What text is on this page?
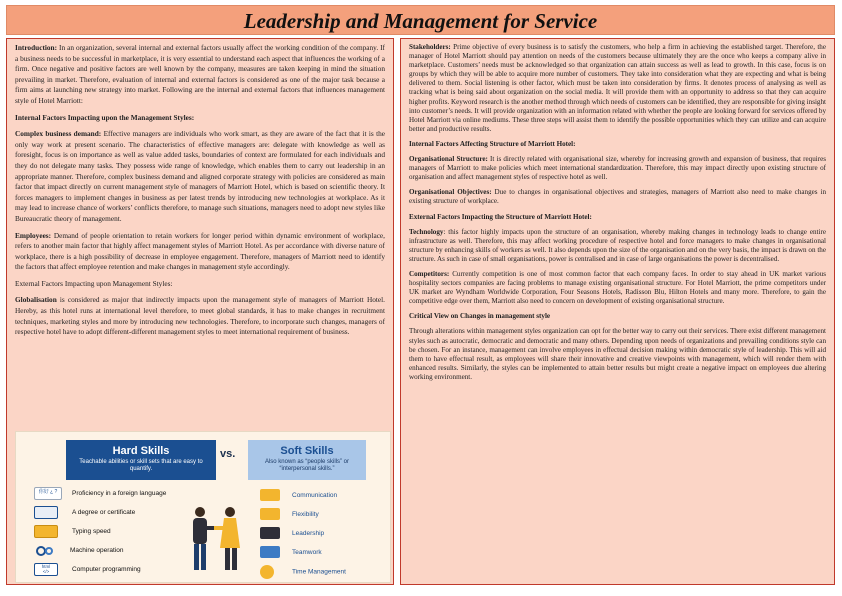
Leadership and Management for Service

Introduction: In an organization, several internal and external factors usually affect the working condition of the company. If a business needs to be successful in marketplace, it is very essential to understand each aspect that influences the working of a firm. Once negative and positive factors are well known by the company, measures are taken keeping in mind the situation prevailing in market. Therefore, evaluation of internal and external factors is considered as one of the major task because a firm aims at launching new strategy into market. Following are the internal and external factors that influences management style of Hotel Marriott:

Internal Factors Impacting upon the Management Styles:

Complex business demand: Effective managers are individuals who work smart, as they are aware of the fact that it is the only way work at present scenario. The characteristics of effective managers are: delegate with knowledge as well as foresight, focus is on importance as well as value added tasks, boundaries of context are formulated for each individuals and they do not delegate many tasks. They possess wide range of knowledge, which enables them to carry out leadership in an appropriate manner. Therefore, complex business demand and aligned corporate strategy with policies are considered as main factor that impact directly on current management style of managers of Marriott Hotel, which is based on scientific theory. It forces managers to implement changes in business as per latest trends by introducing new technologies at workplace. As it may lead to increase chance of workers’ conflicts therefore, to manage such situations, managers need to adopt new styles like Bureaucratic theory of management.

Employees: Demand of people orientation to retain workers for longer period within dynamic environment of workplace, refers to another main factor that highly affect management styles of Marriott Hotel. As per accordance with diverse nature of workplace, there is a high possibility of decrease in employee engagement. Therefore, managers of Marriott need to identify the factors that affect employee retention and make changes in management style accordingly.

External Factors Impacting upon Management Styles:

Globalisation is considered as major that indirectly impacts upon the management style of managers of Marriott Hotel. Hereby, as this hotel runs at international level therefore, to meet global standards, it has to make changes in recruitment techniques, marketing styles and more by introducing new technologies. Therefore, to incorporate such changes, managers of respective hotel have to adopt different-different management styles to meet international requirement of business.

Hard Skills
Teachable abilities or skill sets that are easy to quantify.
vs.	Soft Skills
Also known as “people skills” or “interpersonal skills.”
你好 ¿ ? Proficiency in a foreign language
A degree or certificate
Typing speed
Machine operation
html
</>	Computer programming
Communication
Flexibility
Leadership
Teamwork
Time Management

Stakeholders: Prime objective of every business is to satisfy the customers, who help a firm in achieving the established target. Therefore, the manager of Hotel Marriott should pay attention on needs of the customers because ultimately they are the once who keeps a company alive in marketplace. Customers’ needs must be acknowledged so that organization can attain success as well as lead to growth. In this case, focus is on groups by which they will be able to acquire more number of customers. They take into consideration what they are expecting and what is being delivered to them. Social listening is other factor, which must be taken into consideration by firms. It denotes process of analysing as well as tracking what is being said about organization on the social media. It will provide them with an opportunity to address so that they can acquire higher profits. Keyword research is the another method through which needs of customers can be identified, they are responsible for giving insight into customer’s needs. It will provide organization with an information related with whether the people are looking forward for services offered by Hotel Marriott via online mediums. These three steps will assist them to identify the possible opportunities which they can utilize and can acquire better and productive results.

Internal Factors Affecting Structure of Marriott Hotel:

Organisational Structure: It is directly related with organisational size, whereby for increasing growth and expansion of business, that requires managers of Marriott to make policies which meet international standardization. Therefore, this may impact directly upon existing structure of organisation and affect management styles of respective hotel as well.

Organisational Objectives: Due to changes in organisational objectives and strategies, managers of Marriott also need to make changes in existing structure of workplace.

External Factors Impacting the Structure of Marriott Hotel:

Technology: this factor highly impacts upon the structure of an organisation, whereby making changes in technology leads to change entire infrastructure as well. Therefore, this may affect working procedure of respective hotel and force managers to make changes in organisational structure by enhancing skills of workers as well. It also depends upon the size of the organisation and on the very basis, the impact is drawn on the structure. As such in case of small organisations, power is centralised and in case of large organisations the power is decentralised.

Competitors: Currently competition is one of most common factor that each company faces. In order to stay ahead in UK market various hospitality sectors companies are facing problems to manage existing organisational structure. For Hotel Marriott, the prime competitors under UK market are Wyndham Worldwide Corporation, Four Seasons Hotels, Radisson Blu, Hilton Hotels and many more. Therefore, to gain the competitive edge over them, Marriott also need to concern on development of existing organisational structure.

Critical View on Changes in management style

Through alterations within management styles organization can opt for the better way to carry out their services. There exist different management styles such as autocratic, democratic and democratic and many others. Depending upon needs of organizations and prevailing conditions style can be chosen. For an instance, management can involve employees in effectual decision making within democratic style of leadership. This will aid them to have effectual result, as employees will share their innovative and creative viewpoints with management, which will render them with enhanced results. Similarly, the styles can be implemented to attain better results but might create a negative impact on employees due altering working environment.
